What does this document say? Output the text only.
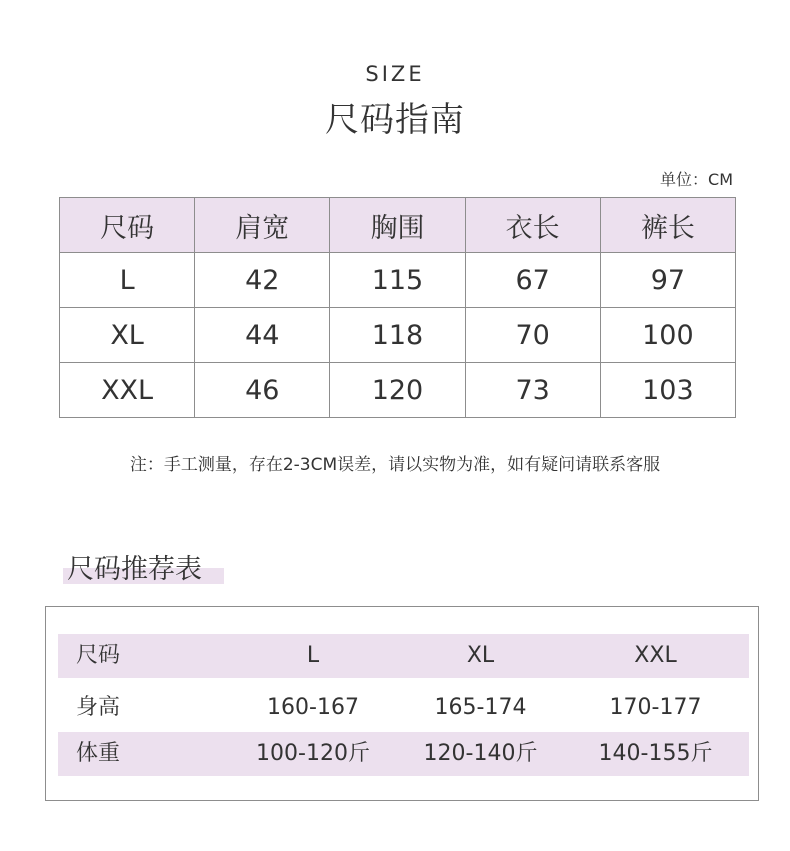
SIZE
尺码指南
单位：CM
尺码	肩宽	胸围	衣长	裤长
L	42	115	67	97
XL	44	118	70	100
XXL	46	120	73	103
注：手工测量，存在2-3CM误差，请以实物为准，如有疑问请联系客服
尺码推荐表
尺码	L	XL	XXL
身高	160-167	165-174	170-177
体重	100-120斤	120-140斤	140-155斤
